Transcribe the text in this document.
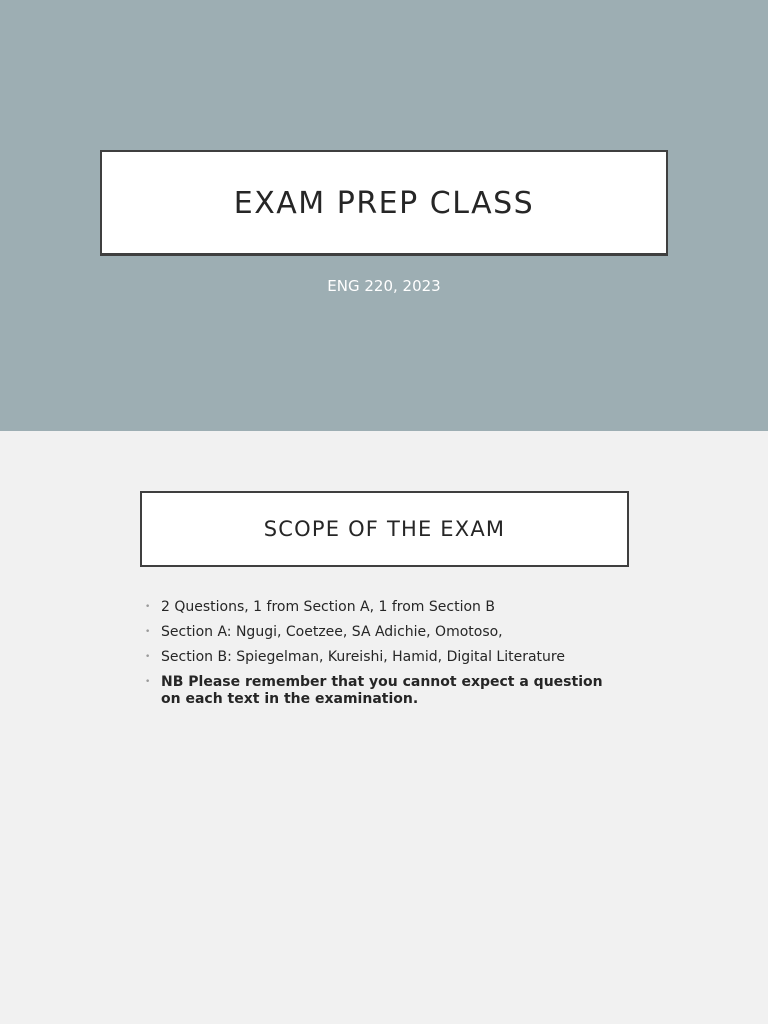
EXAM PREP CLASS
ENG 220, 2023
SCOPE OF THE EXAM
• 2 Questions, 1 from Section A, 1 from Section B
• Section A: Ngugi, Coetzee, SA Adichie, Omotoso,
• Section B: Spiegelman, Kureishi, Hamid, Digital Literature
• NB Please remember that you cannot expect a question on each text in the examination.
